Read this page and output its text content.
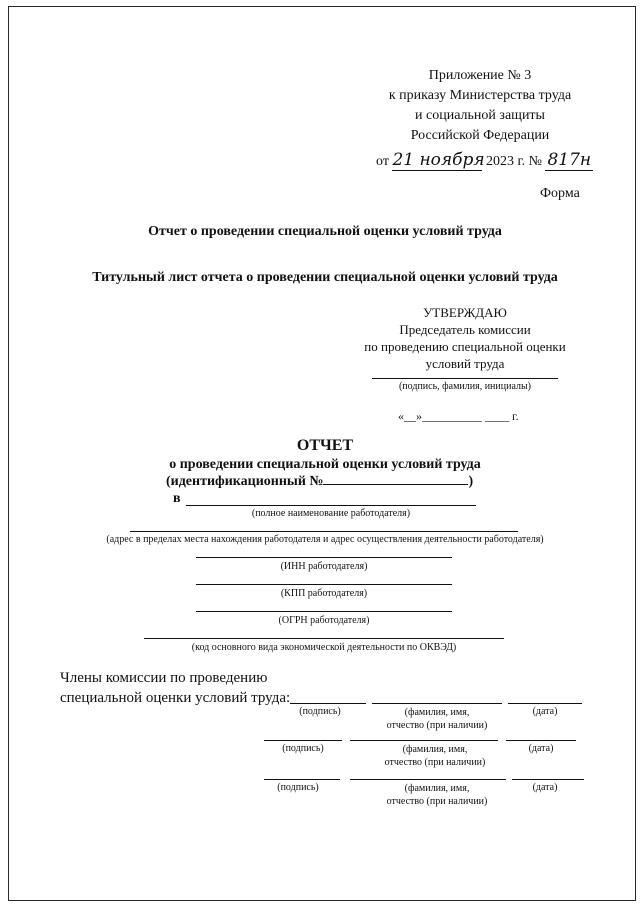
Приложение № 3
к приказу Министерства труда
и социальной защиты
Российской Федерации
от 21 ноября 2023 г. № 817н
Форма
Отчет о проведении специальной оценки условий труда
Титульный лист отчета о проведении специальной оценки условий труда
УТВЕРЖДАЮ
Председатель комиссии
по проведению специальной оценки
условий труда
(подпись, фамилия, инициалы)
«__»__________ ____ г.
ОТЧЕТ
о проведении специальной оценки условий труда
(идентификационный №	)
в
(полное наименование работодателя)
(адрес в пределах места нахождения работодателя и адрес осуществления деятельности работодателя)
(ИНН работодателя)
(КПП работодателя)
(ОГРН работодателя)
(код основного вида экономической деятельности по ОКВЭД)
Члены комиссии по проведению
специальной оценки условий труда:
(подпись)	(фамилия, имя,
отчество (при наличии)
(дата)
(подпись)	(фамилия, имя,
отчество (при наличии)
(дата)
(подпись)	(фамилия, имя,
отчество (при наличии)
(дата)
